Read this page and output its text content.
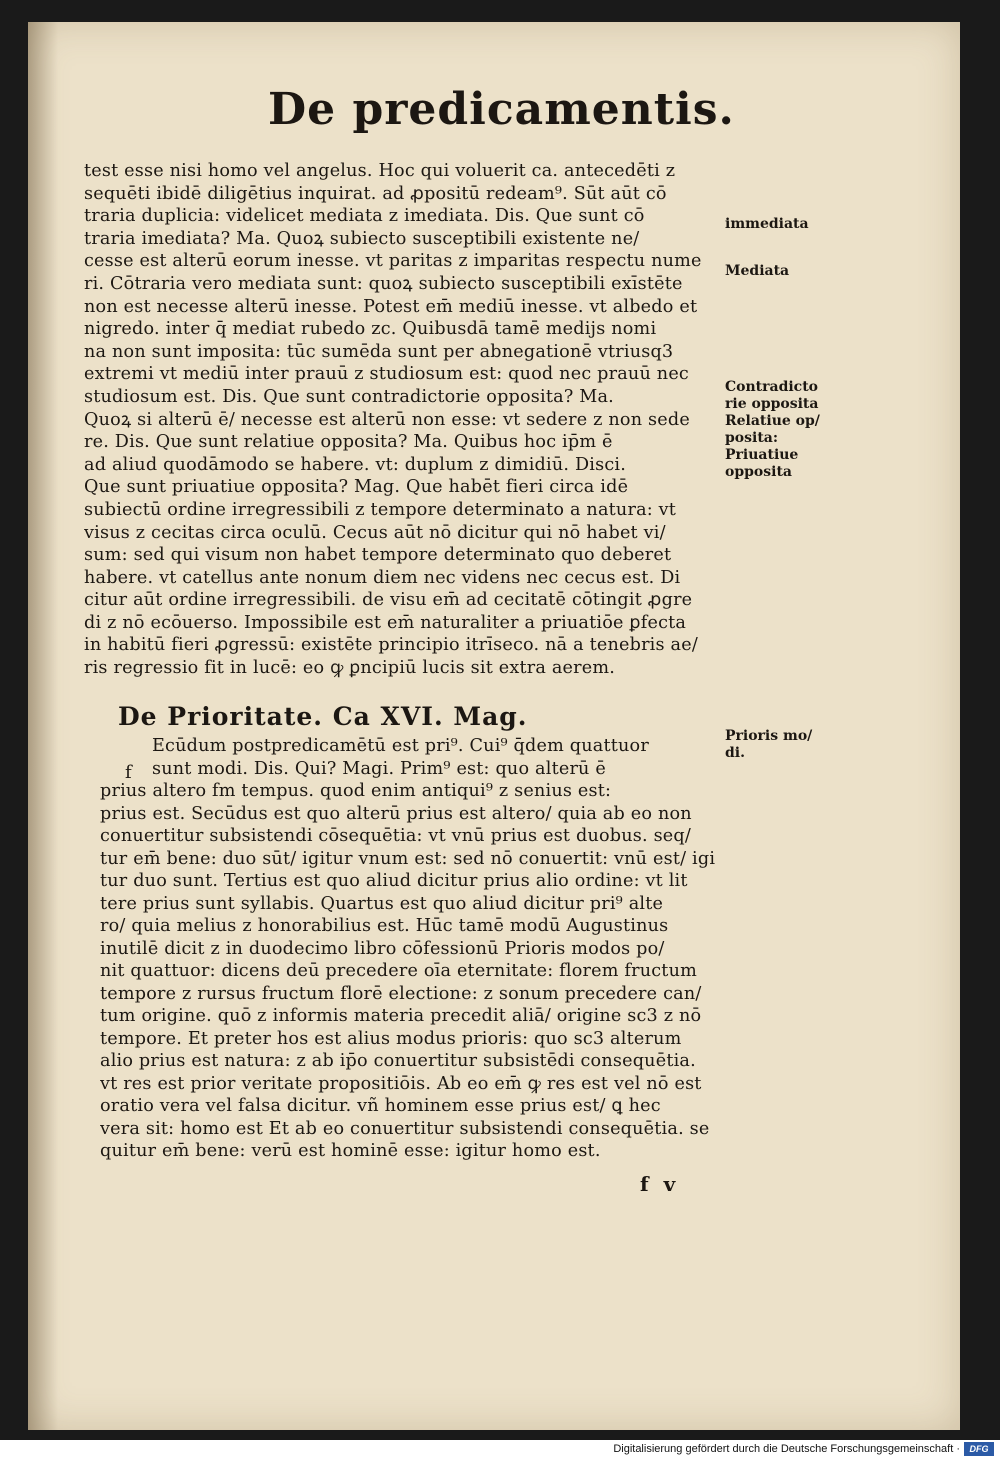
De predicamentis.
test esse nisi homo vel angelus. Hoc qui voluerit ca. antecedēti z
sequēti ibidē diligētius inquirat. ad ꝓpositū redeam⁹. Sūt aūt cō
traria duplicia: videlicet mediata z imediata. Dis. Que sunt cō
traria imediata? Ma. Quoꝝ subiecto susceptibili existente ne/
cesse est alterū eorum inesse. vt paritas z imparitas respectu nume
ri. Cōtraria vero mediata sunt: quoꝝ subiecto susceptibili exīstēte
non est necesse alterū inesse. Potest em̄ mediū inesse. vt albedo et
nigredo. inter q̄ mediat rubedo zc. Quibusdā tamē medijs nomi
na non sunt imposita: tūc sumēda sunt per abnegationē vtriusq3
extremi vt mediū inter prauū z studiosum est: quod nec prauū nec
studiosum est. Dis. Que sunt contradictorie opposita? Ma.
Quoꝝ si alterū ē/ necesse est alterū non esse: vt sedere z non sede
re. Dis. Que sunt relatiue opposita? Ma. Quibus hoc ip̄m ē
ad aliud quodāmodo se habere. vt: duplum z dimidiū. Disci.
Que sunt priuatiue opposita? Mag. Que habēt fieri circa idē
subiectū ordine irregressibili z tempore determinato a natura: vt
visus z cecitas circa oculū. Cecus aūt nō dicitur qui nō habet vi/
sum: sed qui visum non habet tempore determinato quo deberet
habere. vt catellus ante nonum diem nec videns nec cecus est. Di
citur aūt ordine irregressibili. de visu em̄ ad cecitatē cōtingit ꝓgre
di z nō ecōuerso. Impossibile est em̄ naturaliter a priuatiōe ꝑfecta
in habitū fieri ꝓgressū: existēte principio itrīseco. nā a tenebris ae/
ris regressio fit in lucē: eo ꝙ ꝑncipiū lucis sit extra aerem.
De Prioritate. Ca XVI. Mag.
f
Ecūdum postpredicamētū est pri⁹. Cui⁹ q̄dem quattuor
sunt modi. Dis. Qui? Magi. Prim⁹ est: quo alterū ē
prius altero f̄m tempus. quod enim antiqui⁹ z senius est:
prius est. Secūdus est quo alterū prius est altero/ quia ab eo non
conuertitur subsistendi cōsequētia: vt vnū prius est duobus. seq/
tur em̄ bene: duo sūt/ igitur vnum est: sed nō conuertit: vnū est/ igi
tur duo sunt. Tertius est quo aliud dicitur prius alio ordine: vt lit
tere prius sunt syllabis. Quartus est quo aliud dicitur pri⁹ alte
ro/ quia melius z honorabilius est. Hūc tamē modū Augustinus
inutilē dicit z in duodecimo libro cōfessionū Prioris modos po/
nit quattuor: dicens deū precedere oīa eternitate: florem fructum
tempore z rursus fructum florē electione: z sonum precedere can/
tum origine. quō z informis materia precedit aliā/ origine sc3 z nō
tempore. Et preter hos est alius modus prioris: quo sc3 alterum
alio prius est natura: z ab ip̄o conuertitur subsistēdi consequētia.
vt res est prior veritate propositiōis. Ab eo em̄ ꝙ res est vel nō est
oratio vera vel falsa dicitur. vñ hominem esse prius est/ ꝗ hec
vera sit: homo est Et ab eo conuertitur subsistendi consequētia. se
quitur em̄ bene: verū est hominē esse: igitur homo est.
immediata
Mediata
Contradicto
rie opposita
Relatiue op/
posita:
Priuatiue
opposita
Prioris mo/
di.
f v
Digitalisierung gefördert durch die Deutsche Forschungsgemeinschaft ·	DFG
